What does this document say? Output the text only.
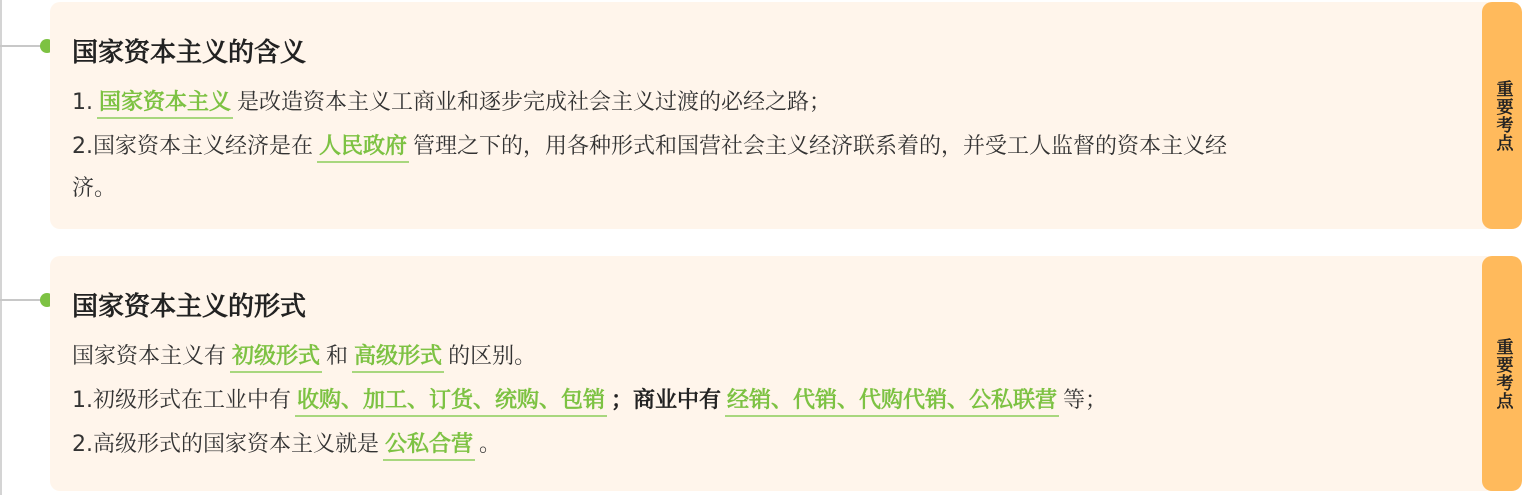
国家资本主义的含义
1. 国家资本主义 是改造资本主义工商业和逐步完成社会主义过渡的必经之路；
2.国家资本主义经济是在 人民政府 管理之下的，用各种形式和国营社会主义经济联系着的，并受工人监督的资本主义经
济。
重要考点
国家资本主义的形式
国家资本主义有 初级形式 和 高级形式 的区别。
1.初级形式在工业中有 收购、加工、订货、统购、包销 ；商业中有 经销、代销、代购代销、公私联营 等；
2.高级形式的国家资本主义就是 公私合营 。
重要考点
